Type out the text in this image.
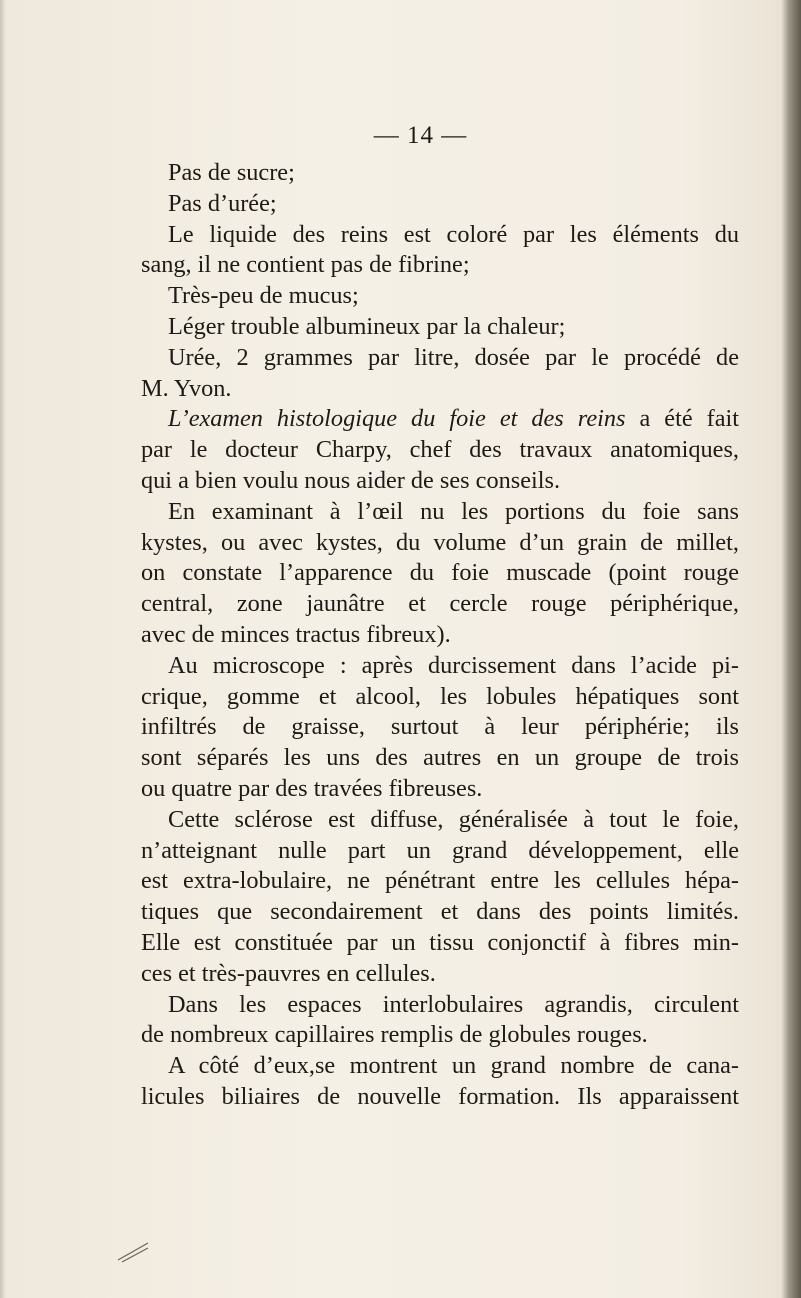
— 14 —
Pas de sucre;
Pas d’urée;
Le liquide des reins est coloré par les éléments du
sang, il ne contient pas de fibrine;
Très-peu de mucus;
Léger trouble albumineux par la chaleur;
Urée, 2 grammes par litre, dosée par le procédé de
M. Yvon.
L’examen histologique du foie et des reins a été fait
par le docteur Charpy, chef des travaux anatomiques,
qui a bien voulu nous aider de ses conseils.
En examinant à l’œil nu les portions du foie sans
kystes, ou avec kystes, du volume d’un grain de millet,
on constate l’apparence du foie muscade (point rouge
central, zone jaunâtre et cercle rouge périphérique,
avec de minces tractus fibreux).
Au microscope : après durcissement dans l’acide pi-
crique, gomme et alcool, les lobules hépatiques sont
infiltrés de graisse, surtout à leur périphérie; ils
sont séparés les uns des autres en un groupe de trois
ou quatre par des travées fibreuses.
Cette sclérose est diffuse, généralisée à tout le foie,
n’atteignant nulle part un grand développement, elle
est extra-lobulaire, ne pénétrant entre les cellules hépa-
tiques que secondairement et dans des points limités.
Elle est constituée par un tissu conjonctif à fibres min-
ces et très-pauvres en cellules.
Dans les espaces interlobulaires agrandis, circulent
de nombreux capillaires remplis de globules rouges.
A côté d’eux,se montrent un grand nombre de cana-
licules biliaires de nouvelle formation. Ils apparaissent
